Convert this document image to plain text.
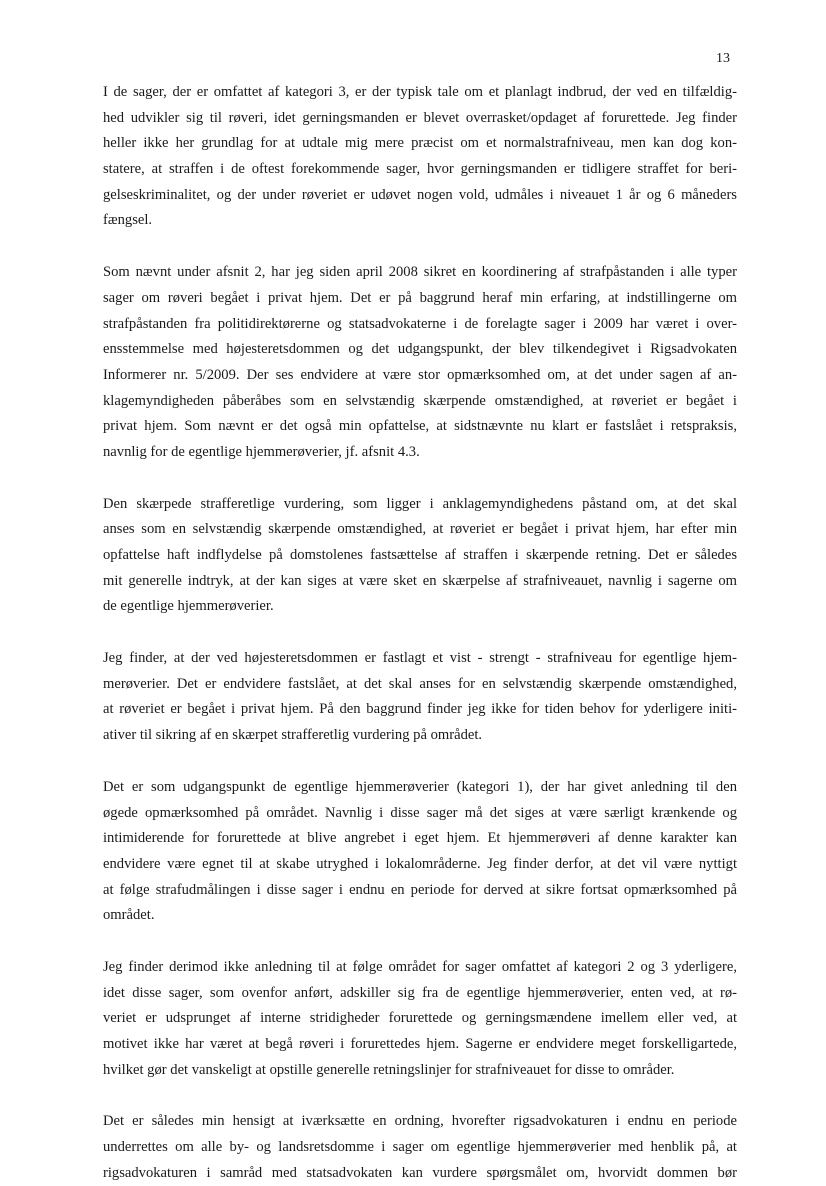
13
I de sager, der er omfattet af kategori 3, er der typisk tale om et planlagt indbrud, der ved en tilfældig-
hed udvikler sig til røveri, idet gerningsmanden er blevet overrasket/opdaget af forurettede. Jeg finder
heller ikke her grundlag for at udtale mig mere præcist om et normalstrafniveau, men kan dog kon-
statere, at straffen i de oftest forekommende sager, hvor gerningsmanden er tidligere straffet for beri-
gelseskriminalitet, og der under røveriet er udøvet nogen vold, udmåles i niveauet 1 år og 6 måneders
fængsel.
Som nævnt under afsnit 2, har jeg siden april 2008 sikret en koordinering af strafpåstanden i alle typer
sager om røveri begået i privat hjem. Det er på baggrund heraf min erfaring, at indstillingerne om
strafpåstanden fra politidirektørerne og statsadvokaterne i de forelagte sager i 2009 har været i over-
ensstemmelse med højesteretsdommen og det udgangspunkt, der blev tilkendegivet i Rigsadvokaten
Informerer nr. 5/2009. Der ses endvidere at være stor opmærksomhed om, at det under sagen af an-
klagemyndigheden påberåbes som en selvstændig skærpende omstændighed, at røveriet er begået i
privat hjem. Som nævnt er det også min opfattelse, at sidstnævnte nu klart er fastslået i retspraksis,
navnlig for de egentlige hjemmerøverier, jf. afsnit 4.3.
Den skærpede strafferetlige vurdering, som ligger i anklagemyndighedens påstand om, at det skal
anses som en selvstændig skærpende omstændighed, at røveriet er begået i privat hjem, har efter min
opfattelse haft indflydelse på domstolenes fastsættelse af straffen i skærpende retning. Det er således
mit generelle indtryk, at der kan siges at være sket en skærpelse af strafniveauet, navnlig i sagerne om
de egentlige hjemmerøverier.
Jeg finder, at der ved højesteretsdommen er fastlagt et vist - strengt - strafniveau for egentlige hjem-
merøverier. Det er endvidere fastslået, at det skal anses for en selvstændig skærpende omstændighed,
at røveriet er begået i privat hjem. På den baggrund finder jeg ikke for tiden behov for yderligere initi-
ativer til sikring af en skærpet strafferetlig vurdering på området.
Det er som udgangspunkt de egentlige hjemmerøverier (kategori 1), der har givet anledning til den
øgede opmærksomhed på området. Navnlig i disse sager må det siges at være særligt krænkende og
intimiderende for forurettede at blive angrebet i eget hjem. Et hjemmerøveri af denne karakter kan
endvidere være egnet til at skabe utryghed i lokalområderne. Jeg finder derfor, at det vil være nyttigt
at følge strafudmålingen i disse sager i endnu en periode for derved at sikre fortsat opmærksomhed på
området.
Jeg finder derimod ikke anledning til at følge området for sager omfattet af kategori 2 og 3 yderligere,
idet disse sager, som ovenfor anført, adskiller sig fra de egentlige hjemmerøverier, enten ved, at rø-
veriet er udsprunget af interne stridigheder forurettede og gerningsmændene imellem eller ved, at
motivet ikke har været at begå røveri i forurettedes hjem. Sagerne er endvidere meget forskelligartede,
hvilket gør det vanskeligt at opstille generelle retningslinjer for strafniveauet for disse to områder.
Det er således min hensigt at iværksætte en ordning, hvorefter rigsadvokaturen i endnu en periode
underrettes om alle by- og landsretsdomme i sager om egentlige hjemmerøverier med henblik på, at
rigsadvokaturen i samråd med statsadvokaten kan vurdere spørgsmålet om, hvorvidt dommen bør
